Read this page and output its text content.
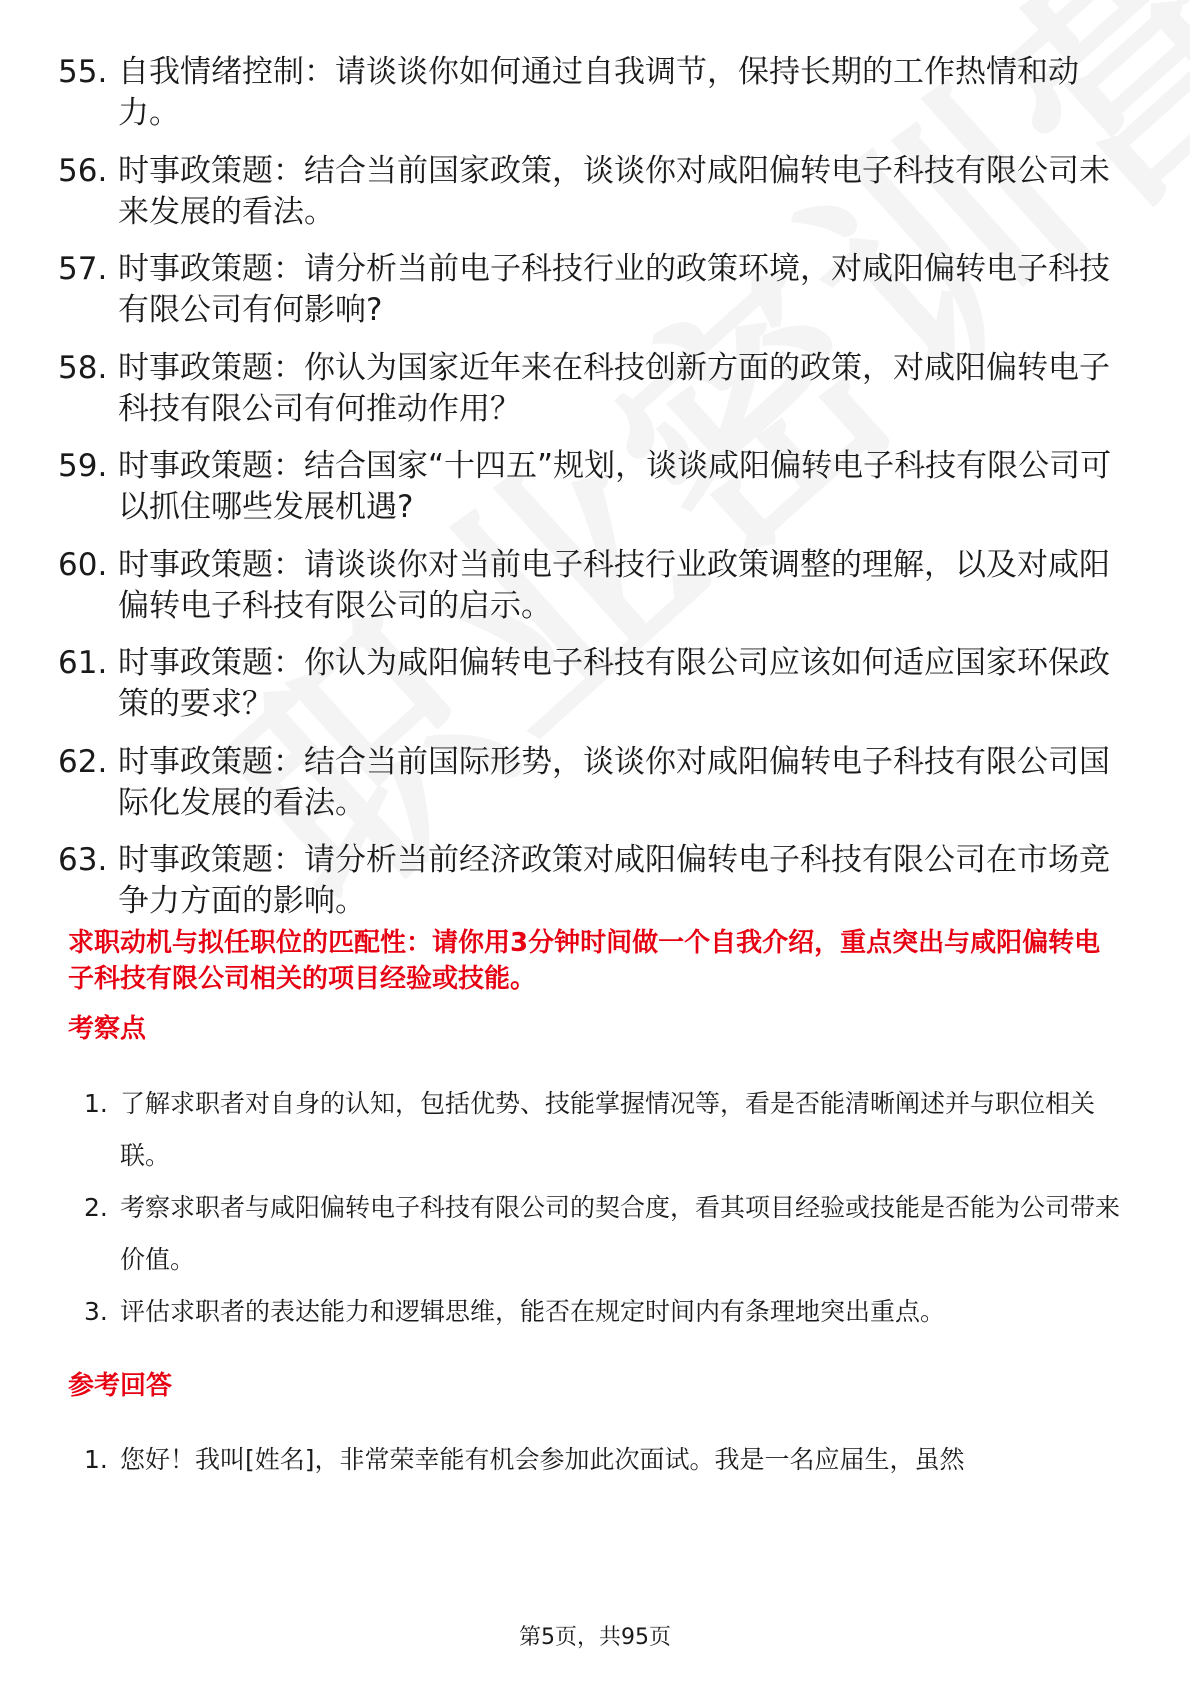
55. 自我情绪控制：请谈谈你如何通过自我调节，保持长期的工作热情和动力。
56. 时事政策题：结合当前国家政策，谈谈你对咸阳偏转电子科技有限公司未来发展的看法。
57. 时事政策题：请分析当前电子科技行业的政策环境，对咸阳偏转电子科技有限公司有何影响?
58. 时事政策题：你认为国家近年来在科技创新方面的政策，对咸阳偏转电子科技有限公司有何推动作用？
59. 时事政策题：结合国家“十四五”规划，谈谈咸阳偏转电子科技有限公司可以抓住哪些发展机遇?
60. 时事政策题：请谈谈你对当前电子科技行业政策调整的理解，以及对咸阳偏转电子科技有限公司的启示。
61. 时事政策题：你认为咸阳偏转电子科技有限公司应该如何适应国家环保政策的要求？
62. 时事政策题：结合当前国际形势，谈谈你对咸阳偏转电子科技有限公司国际化发展的看法。
63. 时事政策题：请分析当前经济政策对咸阳偏转电子科技有限公司在市场竞争力方面的影响。
求职动机与拟任职位的匹配性：请你用3分钟时间做一个自我介绍，重点突出与咸阳偏转电子科技有限公司相关的项目经验或技能。
考察点
1. 了解求职者对自身的认知，包括优势、技能掌握情况等，看是否能清晰阐述并与职位相关联。
2. 考察求职者与咸阳偏转电子科技有限公司的契合度，看其项目经验或技能是否能为公司带来价值。
3. 评估求职者的表达能力和逻辑思维，能否在规定时间内有条理地突出重点。
参考回答
1. 您好！我叫[姓名]，非常荣幸能有机会参加此次面试。我是一名应届生，虽然
第5页，共95页
